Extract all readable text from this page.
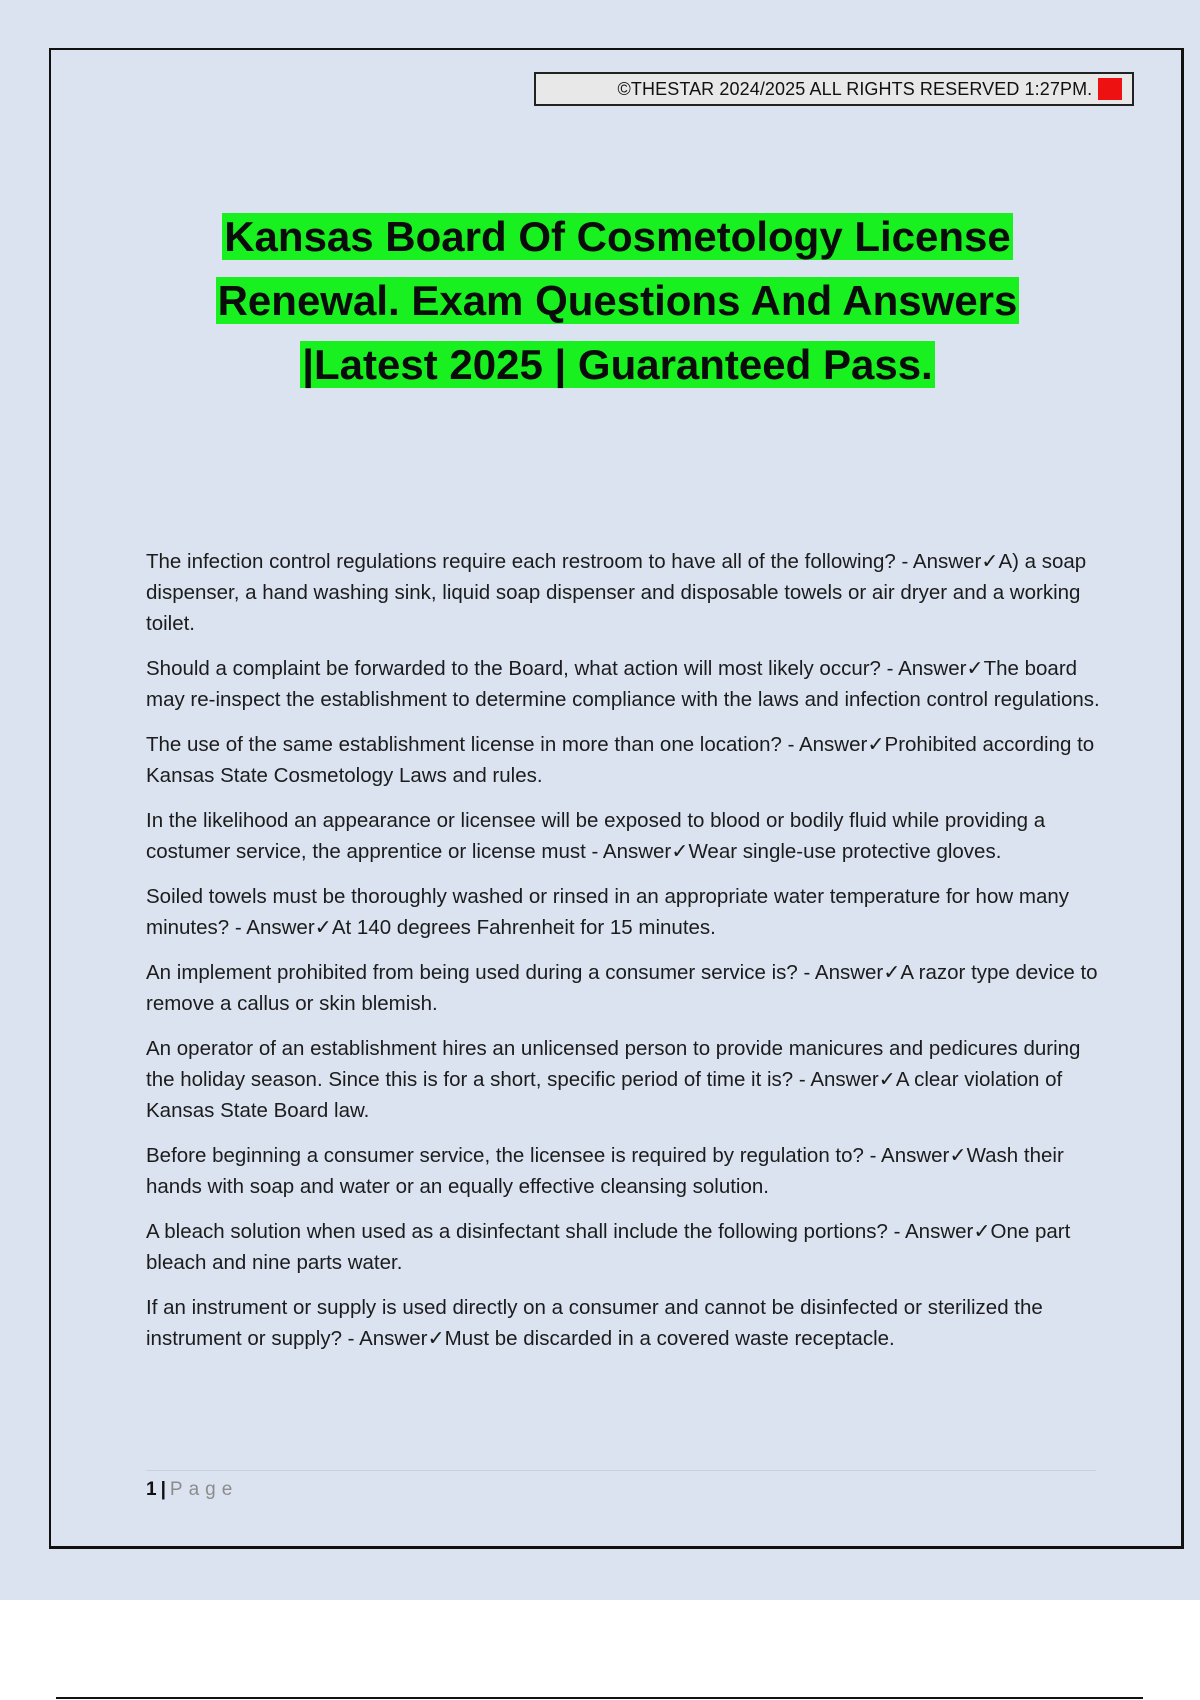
©THESTAR 2024/2025 ALL RIGHTS RESERVED 1:27PM. A+
Kansas Board Of Cosmetology License
Renewal. Exam Questions And Answers
|Latest 2025 | Guaranteed Pass.

The infection control regulations require each restroom to have all of the following? - Answer✓A) a soap dispenser, a hand washing sink, liquid soap dispenser and disposable towels or air dryer and a working toilet.

Should a complaint be forwarded to the Board, what action will most likely occur? - Answer✓The board may re-inspect the establishment to determine compliance with the laws and infection control regulations.

The use of the same establishment license in more than one location? - Answer✓Prohibited according to Kansas State Cosmetology Laws and rules.

In the likelihood an appearance or licensee will be exposed to blood or bodily fluid while providing a costumer service, the apprentice or license must - Answer✓Wear single-use protective gloves.

Soiled towels must be thoroughly washed or rinsed in an appropriate water temperature for how many minutes? - Answer✓At 140 degrees Fahrenheit for 15 minutes.

An implement prohibited from being used during a consumer service is? - Answer✓A razor type device to remove a callus or skin blemish.

An operator of an establishment hires an unlicensed person to provide manicures and pedicures during the holiday season. Since this is for a short, specific period of time it is? - Answer✓A clear violation of Kansas State Board law.

Before beginning a consumer service, the licensee is required by regulation to? - Answer✓Wash their hands with soap and water or an equally effective cleansing solution.

A bleach solution when used as a disinfectant shall include the following portions? - Answer✓One part bleach and nine parts water.

If an instrument or supply is used directly on a consumer and cannot be disinfected or sterilized the instrument or supply? - Answer✓Must be discarded in a covered waste receptacle.

1 | Page
